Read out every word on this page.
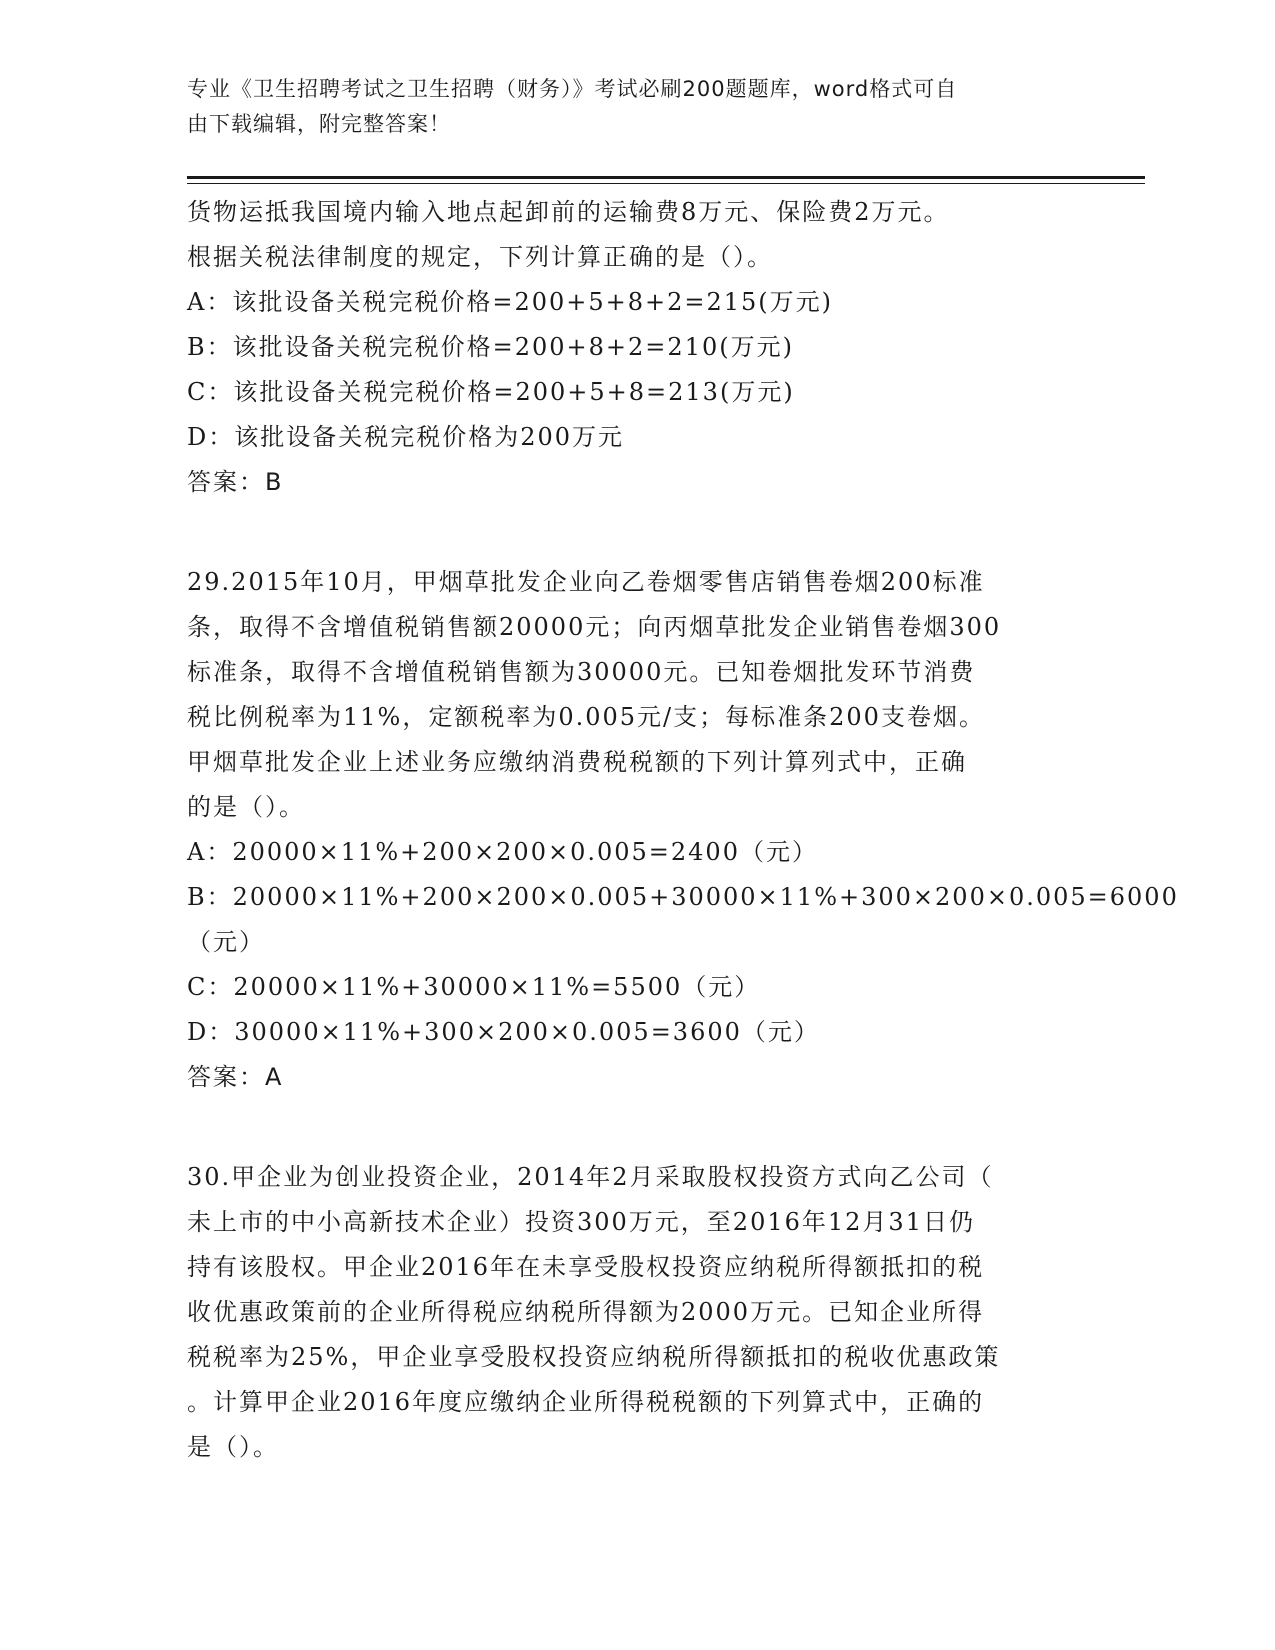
专业《卫生招聘考试之卫生招聘（财务）》考试必刷200题题库，word格式可自
由下载编辑，附完整答案！
货物运抵我国境内输入地点起卸前的运输费8万元、保险费2万元。
根据关税法律制度的规定，下列计算正确的是（）。
A：该批设备关税完税价格=200+5+8+2=215(万元)
B：该批设备关税完税价格=200+8+2=210(万元)
C：该批设备关税完税价格=200+5+8=213(万元)
D：该批设备关税完税价格为200万元
答案：B
29.2015年10月，甲烟草批发企业向乙卷烟零售店销售卷烟200标准
条，取得不含增值税销售额20000元；向丙烟草批发企业销售卷烟300
标准条，取得不含增值税销售额为30000元。已知卷烟批发环节消费
税比例税率为11%，定额税率为0.005元/支；每标准条200支卷烟。
甲烟草批发企业上述业务应缴纳消费税税额的下列计算列式中，正确
的是（）。
A：20000×11%+200×200×0.005=2400（元）
B：20000×11%+200×200×0.005+30000×11%+300×200×0.005=6000
（元）
C：20000×11%+30000×11%=5500（元）
D：30000×11%+300×200×0.005=3600（元）
答案：A
30.甲企业为创业投资企业，2014年2月采取股权投资方式向乙公司（
未上市的中小高新技术企业）投资300万元，至2016年12月31日仍
持有该股权。甲企业2016年在未享受股权投资应纳税所得额抵扣的税
收优惠政策前的企业所得税应纳税所得额为2000万元。已知企业所得
税税率为25%，甲企业享受股权投资应纳税所得额抵扣的税收优惠政策
。计算甲企业2016年度应缴纳企业所得税税额的下列算式中，正确的
是（）。
